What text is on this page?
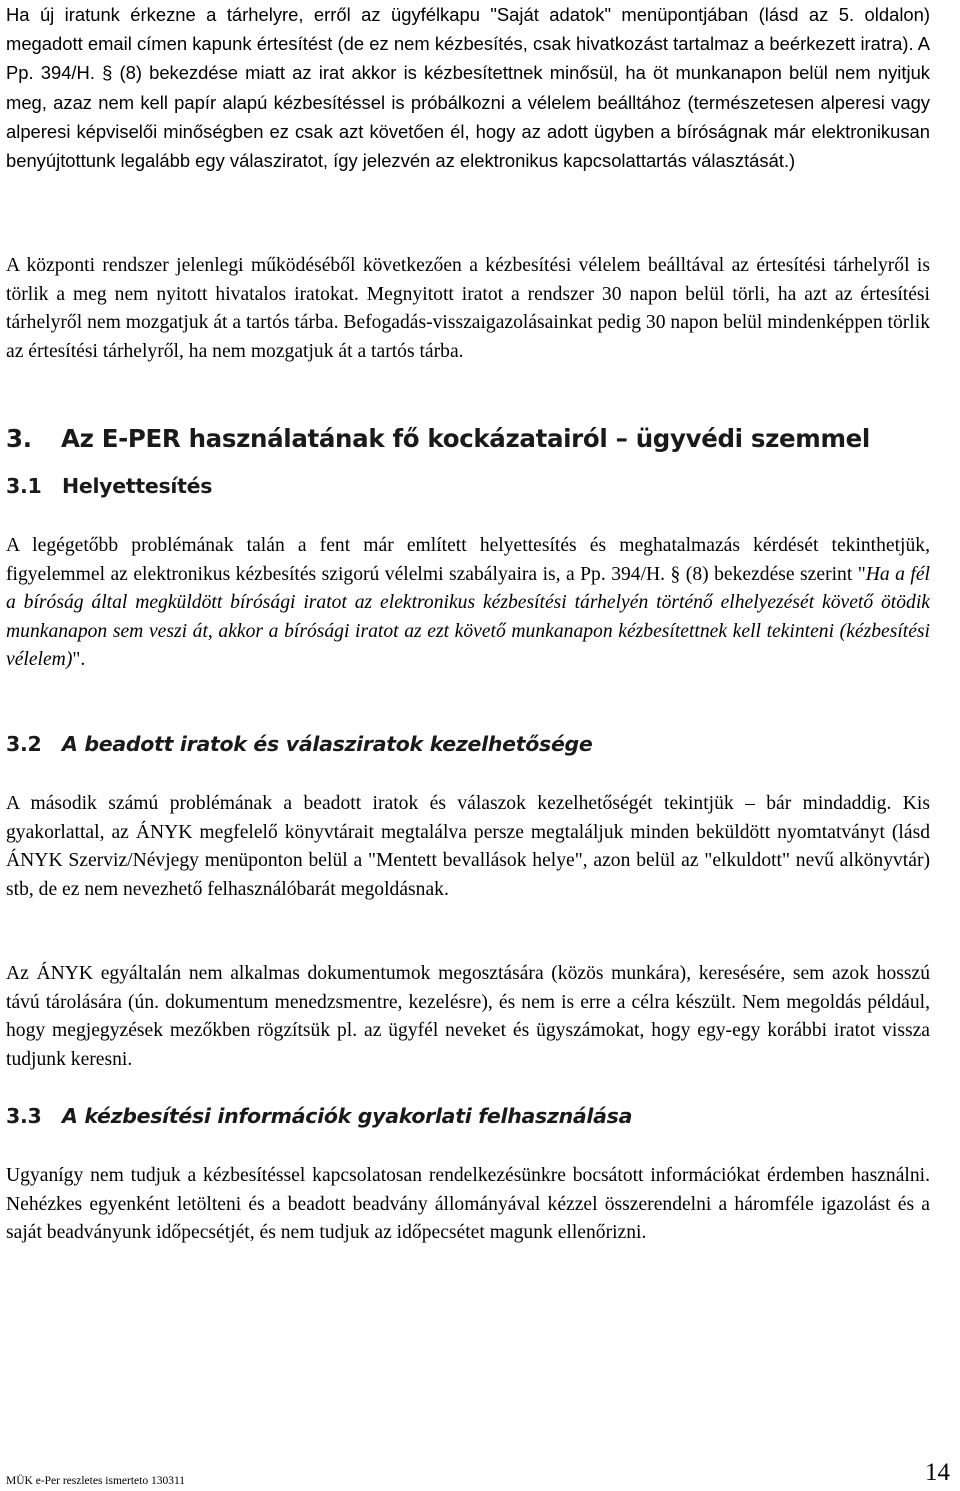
Ha új iratunk érkezne a tárhelyre, erről az ügyfélkapu "Saját adatok" menüpontjában (lásd az 5. oldalon) megadott email címen kapunk értesítést (de ez nem kézbesítés, csak hivatkozást tartalmaz a beérkezett iratra). A Pp. 394/H. § (8) bekezdése miatt az irat akkor is kézbesítettnek minősül, ha öt munkanapon belül nem nyitjuk meg, azaz nem kell papír alapú kézbesítéssel is próbálkozni a vélelem beálltához (természetesen alperesi vagy alperesi képviselői minőségben ez csak azt követően él, hogy az adott ügyben a bíróságnak már elektronikusan benyújtottunk legalább egy válasziratot, így jelezvén az elektronikus kapcsolattartás választását.)

A központi rendszer jelenlegi működéséből következően a kézbesítési vélelem beálltával az értesítési tárhelyről is törlik a meg nem nyitott hivatalos iratokat. Megnyitott iratot a rendszer 30 napon belül törli, ha azt az értesítési tárhelyről nem mozgatjuk át a tartós tárba. Befogadás-visszaigazolásainkat pedig 30 napon belül mindenképpen törlik az értesítési tárhelyről, ha nem mozgatjuk át a tartós tárba.

3. Az E-PER használatának fő kockázatairól – ügyvédi szemmel
3.1 Helyettesítés

A legégetőbb problémának talán a fent már említett helyettesítés és meghatalmazás kérdését tekinthetjük, figyelemmel az elektronikus kézbesítés szigorú vélelmi szabályaira is, a Pp. 394/H. § (8) bekezdése szerint "Ha a fél a bíróság által megküldött bírósági iratot az elektronikus kézbesítési tárhelyén történő elhelyezését követő ötödik munkanapon sem veszi át, akkor a bírósági iratot az ezt követő munkanapon kézbesítettnek kell tekinteni (kézbesítési vélelem)".

3.2 A beadott iratok és válasziratok kezelhetősége

A második számú problémának a beadott iratok és válaszok kezelhetőségét tekintjük – bár mindaddig. Kis gyakorlattal, az ÁNYK megfelelő könyvtárait megtalálva persze megtaláljuk minden beküldött nyomtatványt (lásd ÁNYK Szerviz/Névjegy menüponton belül a "Mentett bevallások helye", azon belül az "elkuldott" nevű alkönyvtár) stb, de ez nem nevezhető felhasználóbarát megoldásnak.

Az ÁNYK egyáltalán nem alkalmas dokumentumok megosztására (közös munkára), keresésére, sem azok hosszú távú tárolására (ún. dokumentum menedzsmentre, kezelésre), és nem is erre a célra készült. Nem megoldás például, hogy megjegyzések mezőkben rögzítsük pl. az ügyfél neveket és ügyszámokat, hogy egy-egy korábbi iratot vissza tudjunk keresni.

3.3 A kézbesítési információk gyakorlati felhasználása

Ugyanígy nem tudjuk a kézbesítéssel kapcsolatosan rendelkezésünkre bocsátott információkat érdemben használni. Nehézkes egyenként letölteni és a beadott beadvány állományával kézzel összerendelni a háromféle igazolást és a saját beadványunk időpecsétjét, és nem tudjuk az időpecsétet magunk ellenőrizni.

MÜK e-Per reszletes ismerteto 130311	14
